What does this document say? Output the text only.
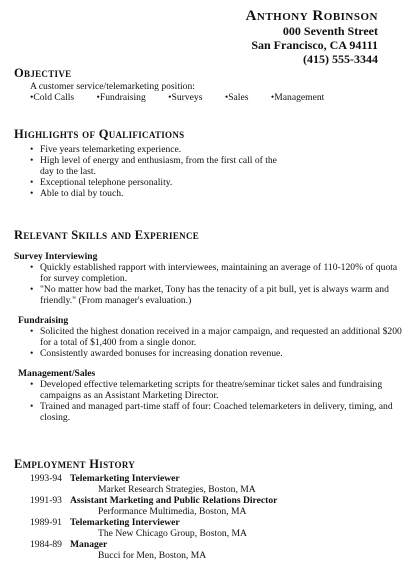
Anthony Robinson
000 Seventh Street
San Francisco, CA 94111
(415) 555-3344
Objective
A customer service/telemarketing position:
•Cold Calls •Fundraising •Surveys •Sales •Management
Highlights of Qualifications
• Five years telemarketing experience.
• High level of energy and enthusiasm, from the first call of the day to the last.
• Exceptional telephone personality.
• Able to dial by touch.
Relevant Skills and Experience
Survey Interviewing
• Quickly established rapport with interviewees, maintaining an average of 110-120% of quota for survey completion.
• "No matter how bad the market, Tony has the tenacity of a pit bull, yet is always warm and friendly." (From manager's evaluation.)
Fundraising
• Solicited the highest donation received in a major campaign, and requested an additional $200 for a total of $1,400 from a single donor.
• Consistently awarded bonuses for increasing donation revenue.
Management/Sales
• Developed effective telemarketing scripts for theatre/seminar ticket sales and fundraising campaigns as an Assistant Marketing Director.
• Trained and managed part-time staff of four: Coached telemarketers in delivery, timing, and closing.
Employment History
1993-94 Telemarketing Interviewer
Market Research Strategies, Boston, MA
1991-93 Assistant Marketing and Public Relations Director
Performance Multimedia, Boston, MA
1989-91 Telemarketing Interviewer
The New Chicago Group, Boston, MA
1984-89 Manager
Bucci for Men, Boston, MA
